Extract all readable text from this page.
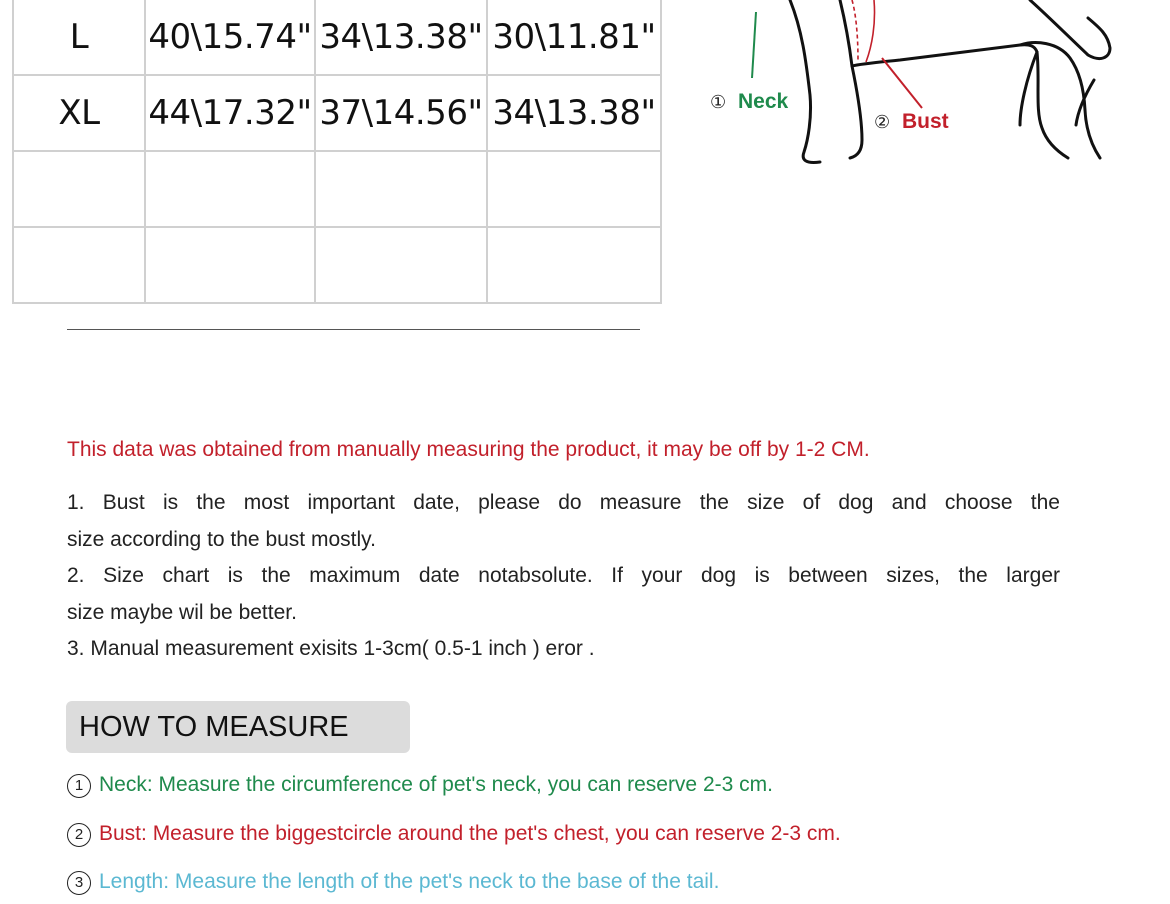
L	40\15.74"	34\13.38"	30\11.81"
XL	44\17.32"	37\14.56"	34\13.38"

				① Neck
② Bust
This data was obtained from manually measuring the product, it may be off by 1-2 CM.

1. Bust is the most important date, please do measure the size of dog and choose the

size according to the bust mostly.

2. Size chart is the maximum date notabsolute. If your dog is between sizes, the larger

size maybe wil be better.

3. Manual measurement exisits 1-3cm( 0.5-1 inch ) eror .

HOW TO MEASURE
1 Neck: Measure the circumference of pet's neck, you can reserve 2-3 cm.
2 Bust: Measure the biggestcircle around the pet's chest, you can reserve 2-3 cm.
3 Length: Measure the length of the pet's neck to the base of the tail.
